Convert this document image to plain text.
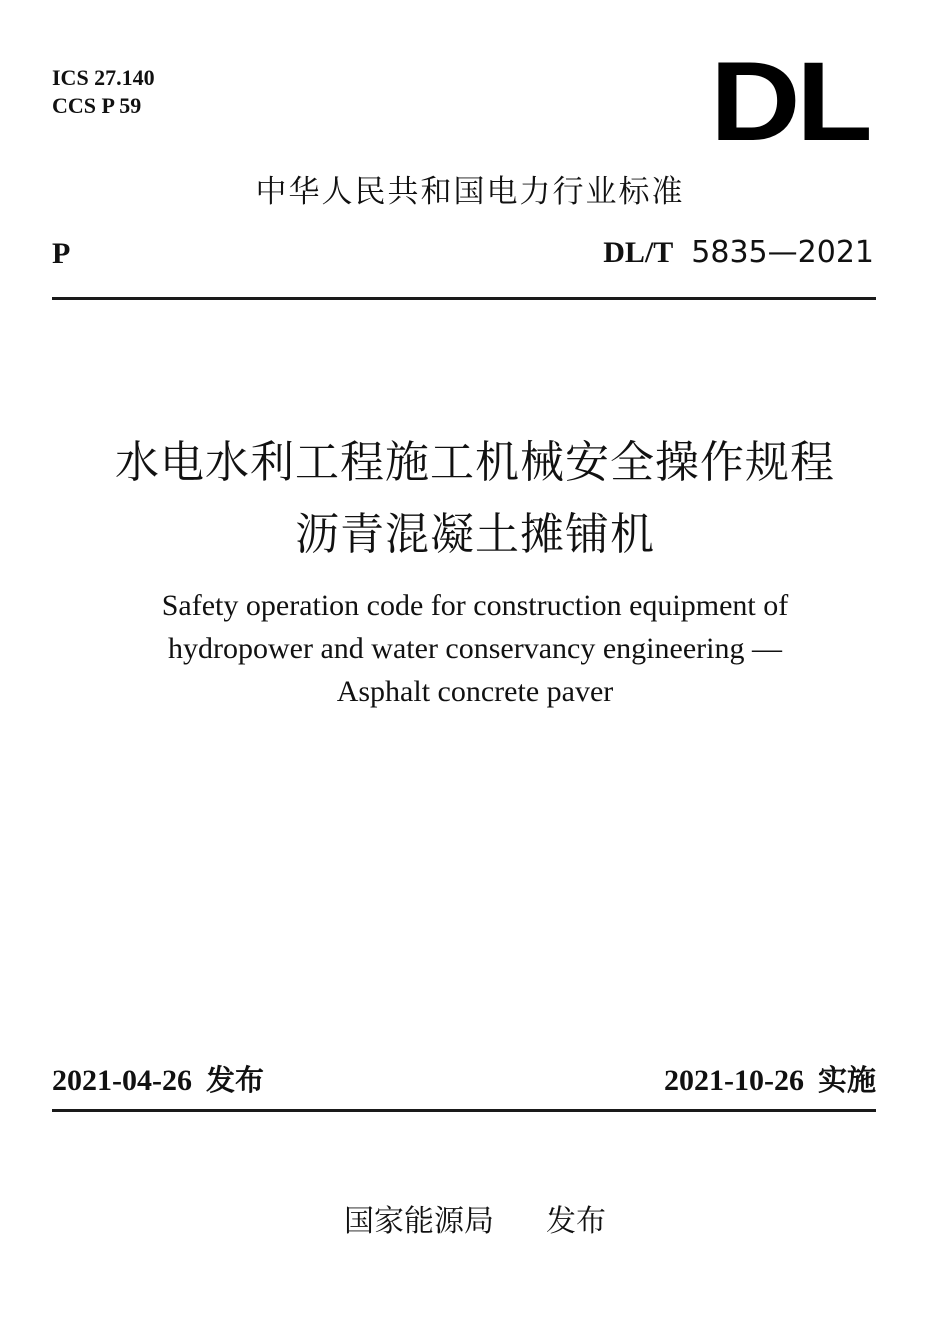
ICS 27.140
CCS P 59	DL
中华人民共和国电力行业标准
P	DL/T 5835—2021
水电水利工程施工机械安全操作规程
沥青混凝土摊铺机
Safety operation code for construction equipment of
hydropower and water conservancy engineering —
Asphalt concrete paver
2021-04-26 发布	2021-10-26 实施
国家能源局 发布
